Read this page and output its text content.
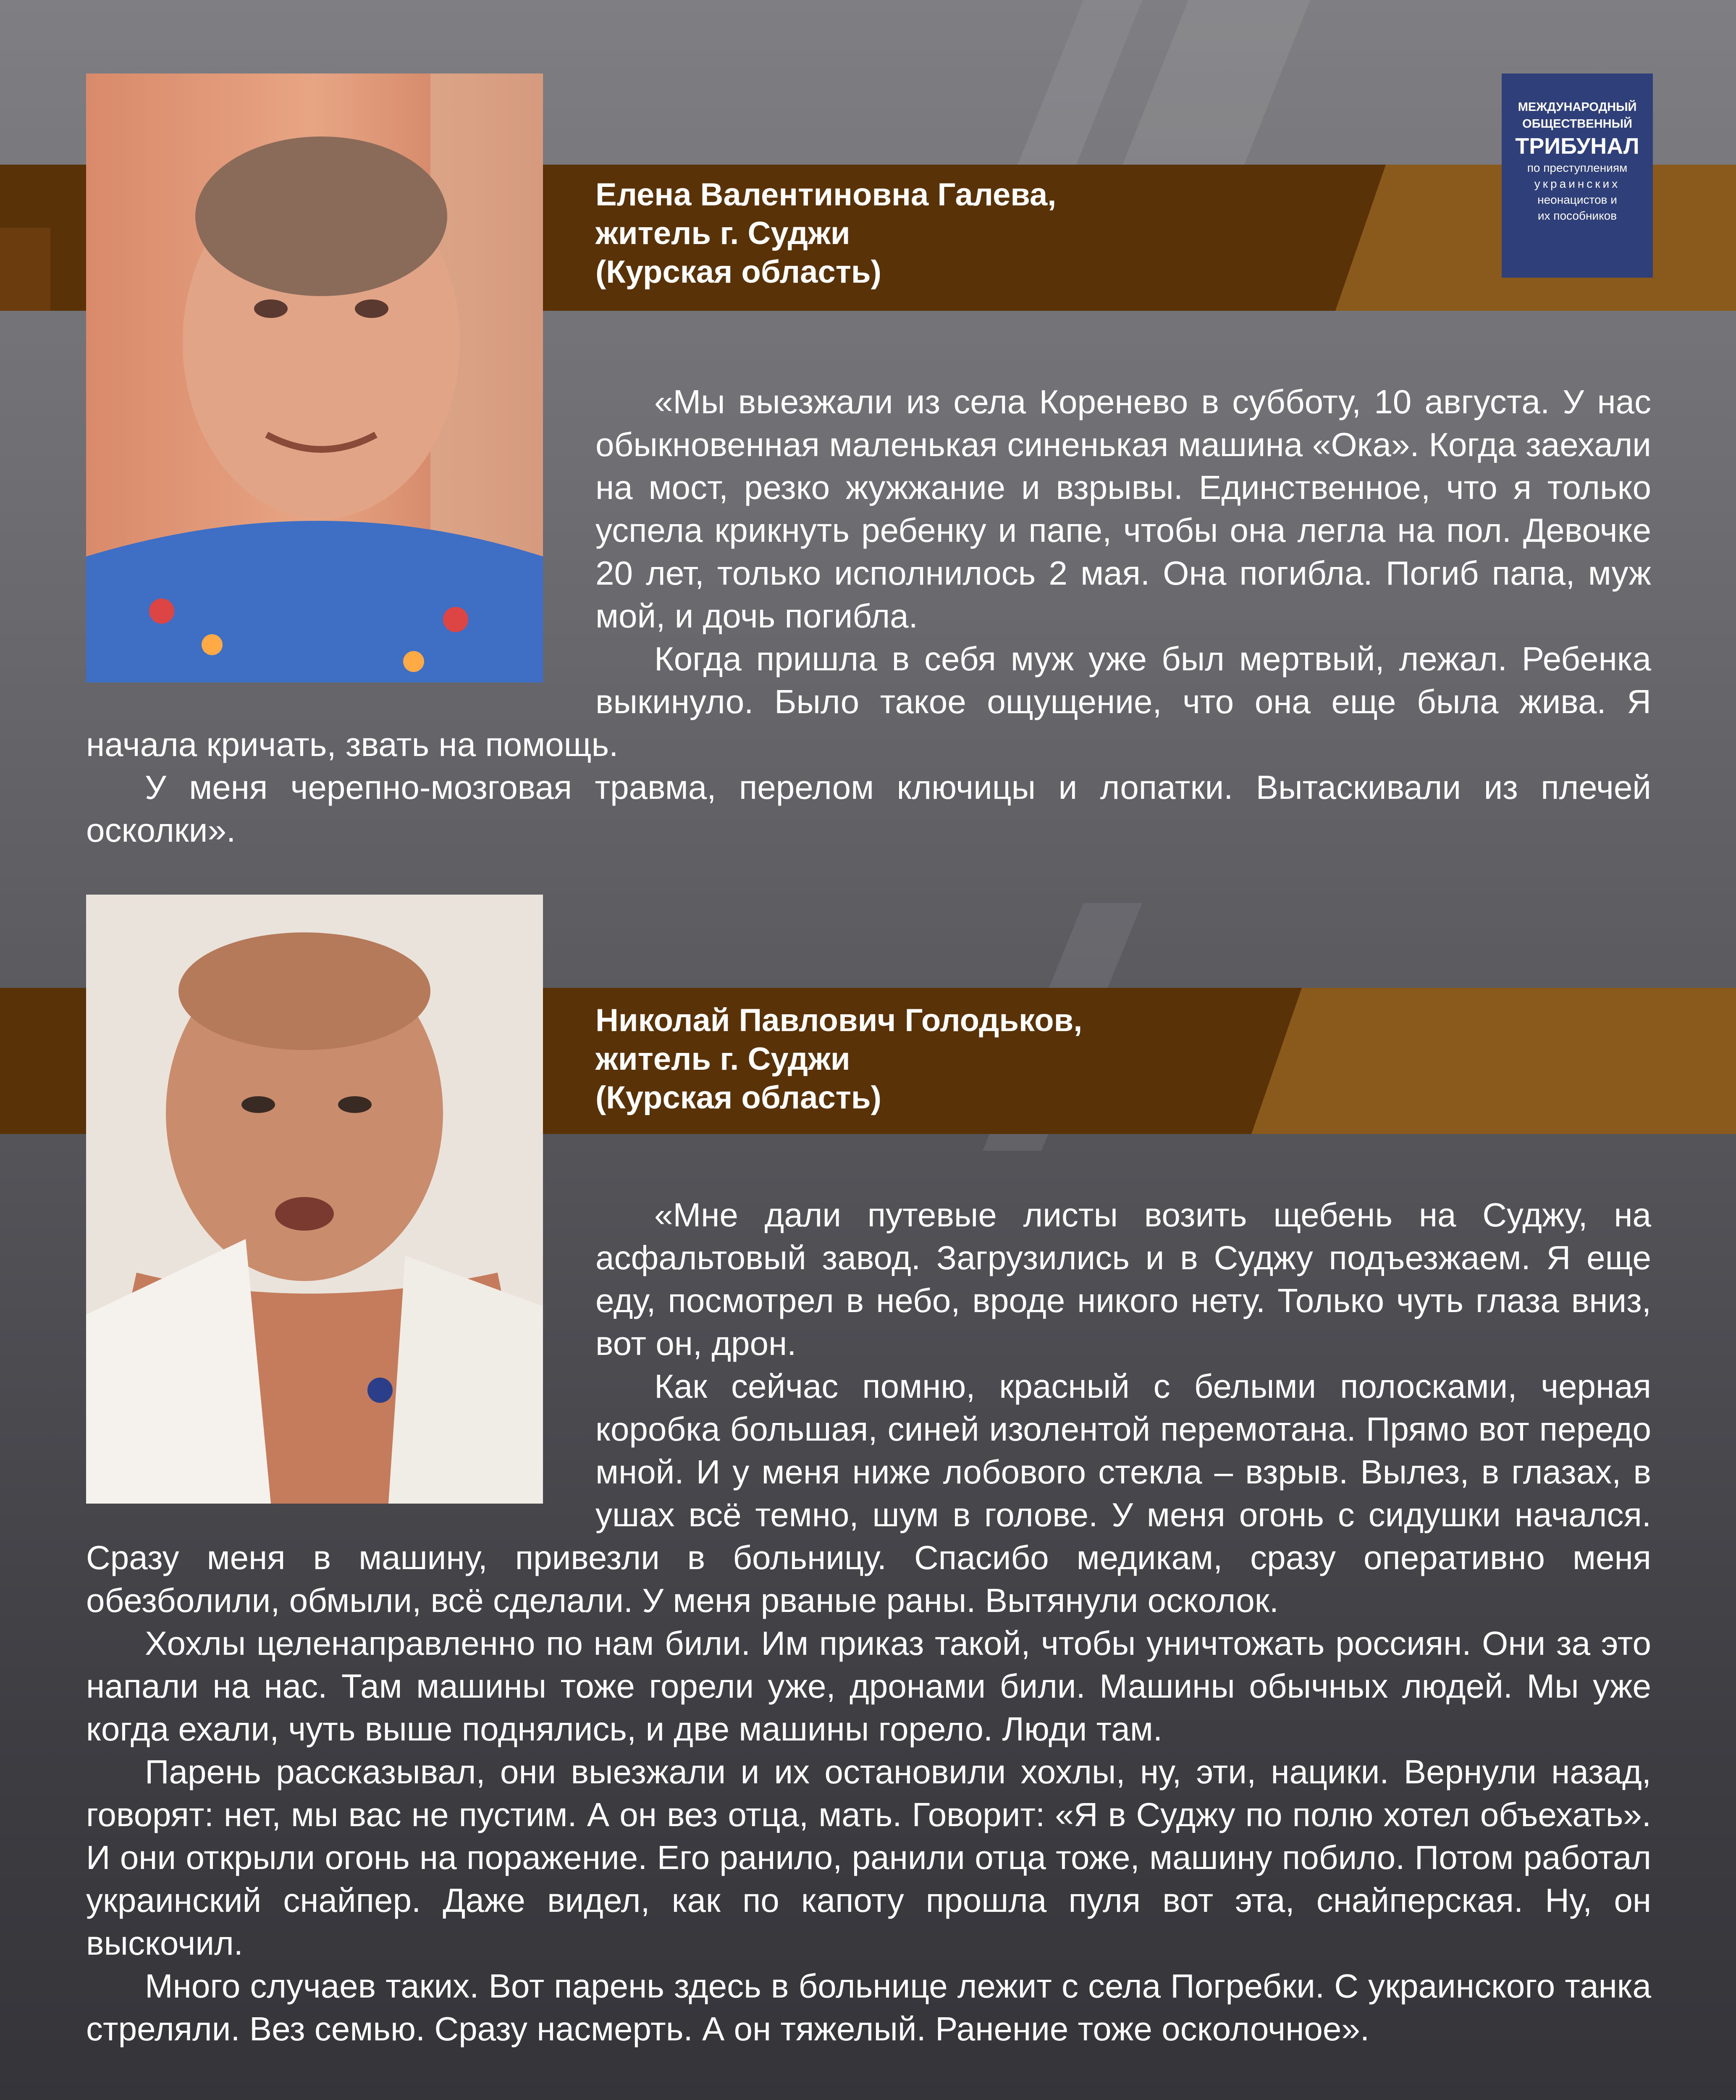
МЕЖДУНАРОДНЫЙ
ОБЩЕСТВЕННЫЙ
ТРИБУНАЛ
по преступлениям
украинских
неонацистов и
их пособников
Елена Валентиновна Галева,
житель г. Суджи
(Курская область)

«Мы выезжали из села Коренево в субботу, 10 августа. У нас обыкновенная маленькая синенькая машина «Ока». Когда заехали на мост, резко жужжание и взрывы. Единственное, что я только успела крикнуть ребенку и папе, чтобы она легла на пол. Девочке 20 лет, только исполнилось 2 мая. Она погибла. Погиб папа, муж мой, и дочь погибла.

Когда пришла в себя муж уже был мертвый, лежал. Ребенка выкинуло. Было такое ощущение, что она еще была жива. Я начала кричать, звать на помощь.

У меня черепно-мозговая травма, перелом ключицы и лопатки. Вытаскивали из плечей осколки».

Николай Павлович Голодьков,
житель г. Суджи
(Курская область)

«Мне дали путевые листы возить щебень на Суджу, на асфальтовый завод. Загрузились и в Суджу подъезжаем. Я еще еду, посмотрел в небо, вроде никого нету. Только чуть глаза вниз, вот он, дрон.

Как сейчас помню, красный с белыми полосками, черная коробка большая, синей изолентой перемотана. Прямо вот передо мной. И у меня ниже лобового стекла – взрыв. Вылез, в глазах, в ушах всё темно, шум в голове. У меня огонь с сидушки начался. Сразу меня в машину, привезли в больницу. Спасибо медикам, сразу оперативно меня обезболили, обмыли, всё сделали. У меня рваные раны. Вытянули осколок.

Хохлы целенаправленно по нам били. Им приказ такой, чтобы уничтожать россиян. Они за это напали на нас. Там машины тоже горели уже, дронами били. Машины обычных людей. Мы уже когда ехали, чуть выше поднялись, и две машины горело. Люди там.

Парень рассказывал, они выезжали и их остановили хохлы, ну, эти, нацики. Вернули назад, говорят: нет, мы вас не пустим. А он вез отца, мать. Говорит: «Я в Суджу по полю хотел объехать». И они открыли огонь на поражение. Его ранило, ранили отца тоже, машину побило. Потом работал украинский снайпер. Даже видел, как по капоту прошла пуля вот эта, снайперская. Ну, он выскочил.

Много случаев таких. Вот парень здесь в больнице лежит с села Погребки. С украинского танка стреляли. Вез семью. Сразу насмерть. А он тяжелый. Ранение тоже осколочное».
